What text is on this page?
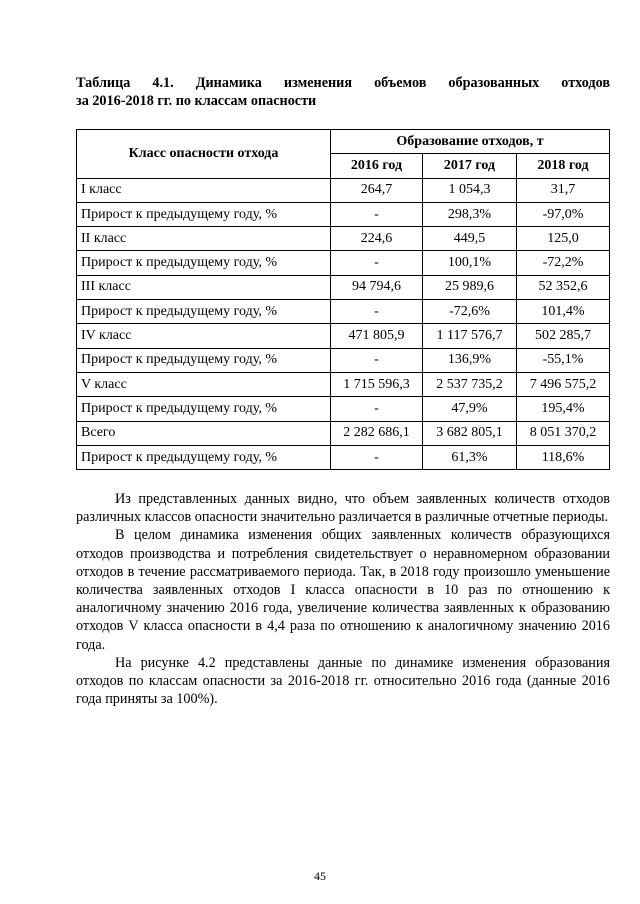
Таблица 4.1. Динамика изменения объемов образованных отходов
за 2016-2018 гг. по классам опасности
Класс опасности отхода	Образование отходов, т		
	2016 год	2017 год	2018 год
I класс	264,7	1 054,3	31,7
Прирост к предыдущему году, %	-	298,3%	-97,0%
II класс	224,6	449,5	125,0
Прирост к предыдущему году, %	-	100,1%	-72,2%
III класс	94 794,6	25 989,6	52 352,6
Прирост к предыдущему году, %	-	-72,6%	101,4%
IV класс	471 805,9	1 117 576,7	502 285,7
Прирост к предыдущему году, %	-	136,9%	-55,1%
V класс	1 715 596,3	2 537 735,2	7 496 575,2
Прирост к предыдущему году, %	-	47,9%	195,4%
Всего	2 282 686,1	3 682 805,1	8 051 370,2
Прирост к предыдущему году, %	-	61,3%	118,6%

Из представленных данных видно, что объем заявленных количеств отходов различных классов опасности значительно различается в различные отчетные периоды.

В целом динамика изменения общих заявленных количеств образующихся отходов производства и потребления свидетельствует о неравномерном образовании отходов в течение рассматриваемого периода. Так, в 2018 году произошло уменьшение количества заявленных отходов I класса опасности в 10 раз по отношению к аналогичному значению 2016 года, увеличение количества заявленных к образованию отходов V класса опасности в 4,4 раза по отношению к аналогичному значению 2016 года.

На рисунке 4.2 представлены данные по динамике изменения образования отходов по классам опасности за 2016-2018 гг. относительно 2016 года (данные 2016 года приняты за 100%).

45
